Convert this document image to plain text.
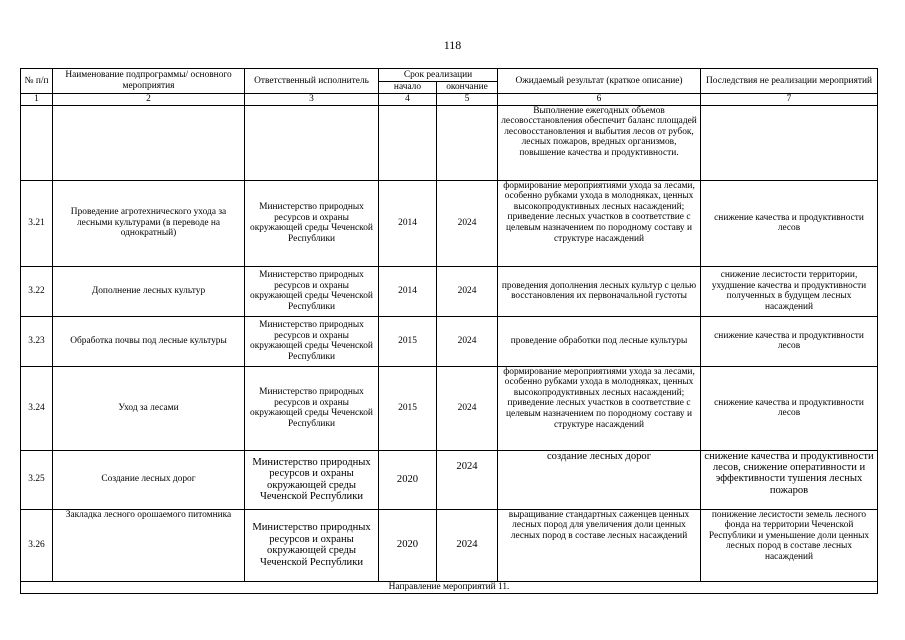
118
№ п/п	Наименование подпрограммы/ основного мероприятия	Ответственный исполнитель	Срок реализации		Ожидаемый результат (краткое описание)	Последствия не реализации мероприятий
			начало	окончание		
1	2	3	4	5	6	7
					Выполнение ежегодных объемов лесовосстановления обеспечит баланс площадей лесовосстановления и выбытия лесов от рубок, лесных пожаров, вредных организмов, повышение качества и продуктивности.	
3.21	Проведение агротехнического ухода за лесными культурами (в переводе на однократный)	Министерство природных ресурсов и охраны окружающей среды Чеченской Республики	2014	2024	формирование мероприятиями ухода за лесами, особенно рубками ухода в молодняках, ценных высокопродуктивных лесных насаждений; приведение лесных участков в соответствие с целевым назначением по породному составу и структуре насаждений	снижение качества и продуктивности лесов
3.22	Дополнение лесных культур	Министерство природных ресурсов и охраны окружающей среды Чеченской Республики	2014	2024	проведения дополнения лесных культур с целью восстановления их первоначальной густоты	снижение лесистости территории, ухудшение качества и продуктивности полученных в будущем лесных насаждений
3.23	Обработка почвы под лесные культуры	Министерство природных ресурсов и охраны окружающей среды Чеченской Республики	2015	2024	проведение обработки под лесные культуры	снижение качества и продуктивности лесов
3.24	Уход за лесами	Министерство природных ресурсов и охраны окружающей среды Чеченской Республики	2015	2024	формирование мероприятиями ухода за лесами, особенно рубками ухода в молодняках, ценных высокопродуктивных лесных насаждений; приведение лесных участков в соответствие с целевым назначением по породному составу и структуре насаждений	снижение качества и продуктивности лесов
3.25	Создание лесных дорог	Министерство природных ресурсов и охраны окружающей среды Чеченской Республики	2020	2024	создание лесных дорог	снижение качества и продуктивности лесов, снижение оперативности и эффективности тушения лесных пожаров
3.26	Закладка лесного орошаемого питомника	Министерство природных ресурсов и охраны окружающей среды Чеченской Республики	2020	2024	выращивание стандартных саженцев ценных лесных пород для увеличения доли ценных лесных пород в составе лесных насаждений	понижение лесистости земель лесного фонда на территории Чеченской Республики и уменьшение доли ценных лесных пород в составе лесных насаждений
Направление мероприятий 11.						
